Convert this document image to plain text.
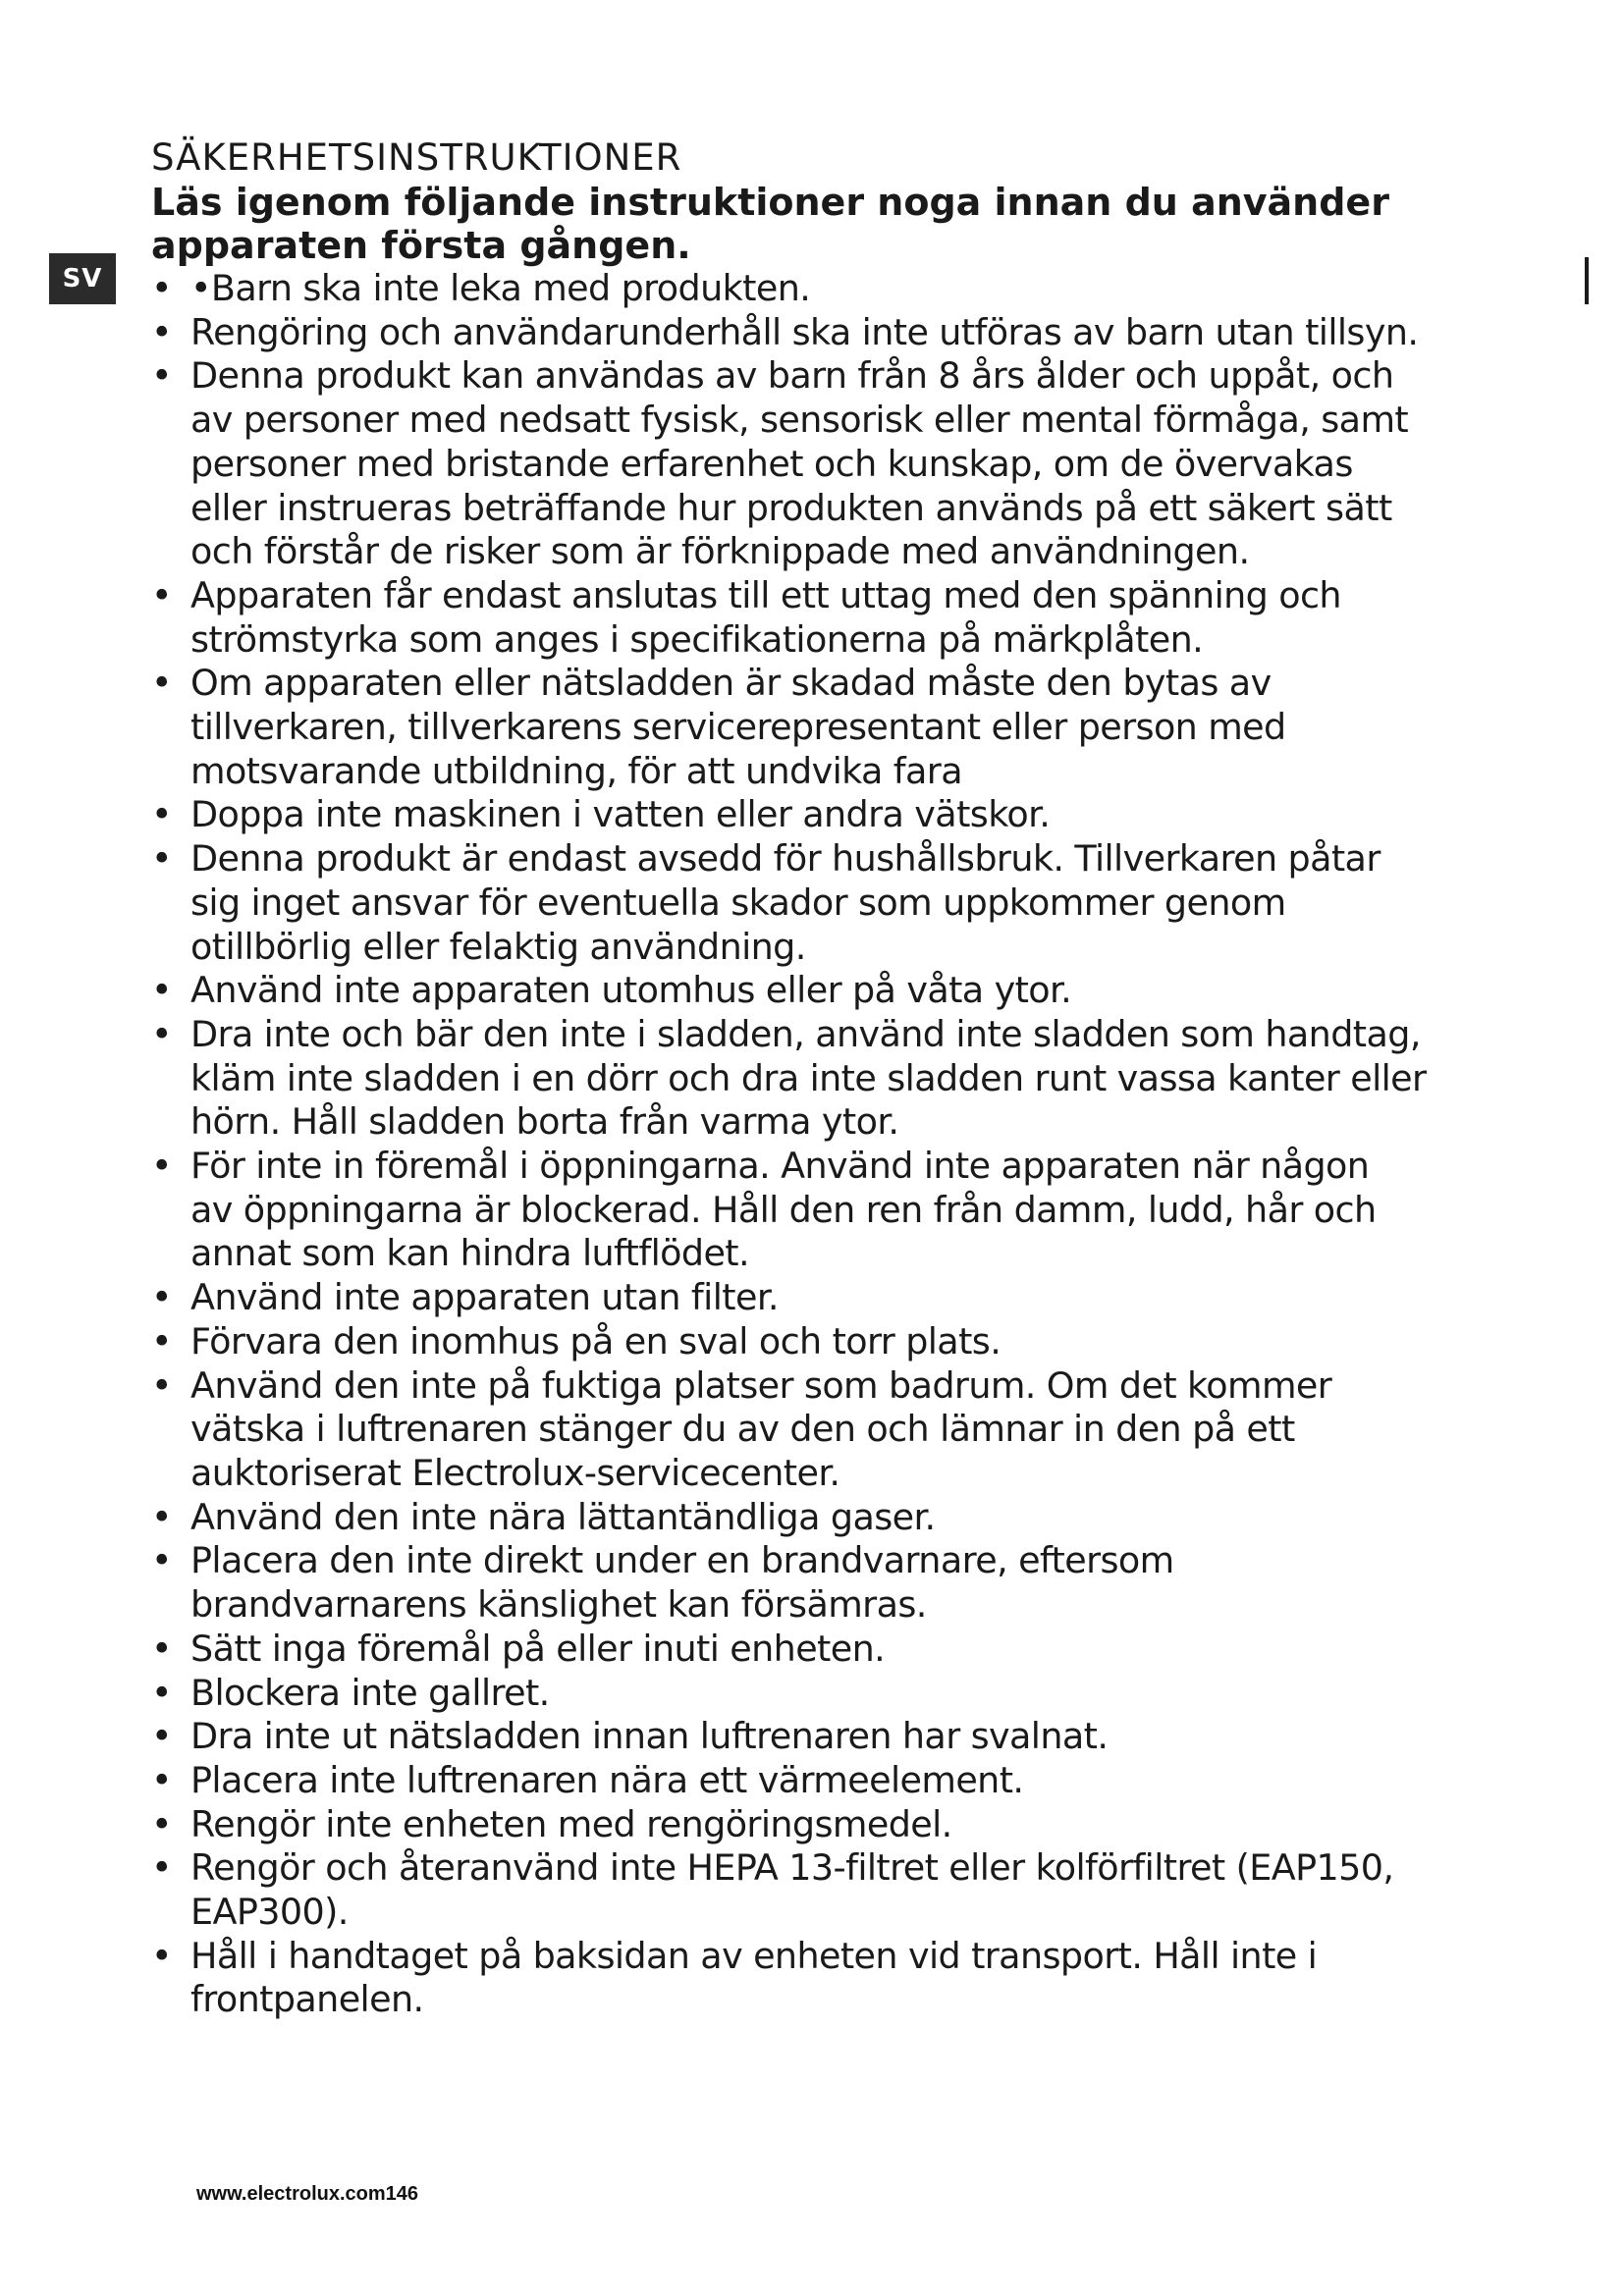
SV
SÄKERHETSINSTRUKTIONER

Läs igenom följande instruktioner noga innan du använder apparaten första gången.

• •Barn ska inte leka med produkten.
• Rengöring och användarunderhåll ska inte utföras av barn utan tillsyn.
• Denna produkt kan användas av barn från 8 års ålder och uppåt, och
av personer med nedsatt fysisk, sensorisk eller mental förmåga, samt
personer med bristande erfarenhet och kunskap, om de övervakas
eller instrueras beträffande hur produkten används på ett säkert sätt
och förstår de risker som är förknippade med användningen.
• Apparaten får endast anslutas till ett uttag med den spänning och
strömstyrka som anges i specifikationerna på märkplåten.
• Om apparaten eller nätsladden är skadad måste den bytas av
tillverkaren, tillverkarens servicerepresentant eller person med
motsvarande utbildning, för att undvika fara
• Doppa inte maskinen i vatten eller andra vätskor.
• Denna produkt är endast avsedd för hushållsbruk. Tillverkaren påtar
sig inget ansvar för eventuella skador som uppkommer genom
otillbörlig eller felaktig användning.
• Använd inte apparaten utomhus eller på våta ytor.
• Dra inte och bär den inte i sladden, använd inte sladden som handtag,
kläm inte sladden i en dörr och dra inte sladden runt vassa kanter eller
hörn. Håll sladden borta från varma ytor.
• För inte in föremål i öppningarna. Använd inte apparaten när någon
av öppningarna är blockerad. Håll den ren från damm, ludd, hår och
annat som kan hindra luftflödet.
• Använd inte apparaten utan filter.
• Förvara den inomhus på en sval och torr plats.
• Använd den inte på fuktiga platser som badrum. Om det kommer
vätska i luftrenaren stänger du av den och lämnar in den på ett
auktoriserat Electrolux-servicecenter.
• Använd den inte nära lättantändliga gaser.
• Placera den inte direkt under en brandvarnare, eftersom
brandvarnarens känslighet kan försämras.
• Sätt inga föremål på eller inuti enheten.
• Blockera inte gallret.
• Dra inte ut nätsladden innan luftrenaren har svalnat.
• Placera inte luftrenaren nära ett värmeelement.
• Rengör inte enheten med rengöringsmedel.
• Rengör och återanvänd inte HEPA 13-filtret eller kolförfiltret (EAP150,
EAP300).
• Håll i handtaget på baksidan av enheten vid transport. Håll inte i
frontpanelen.
www.electrolux.com146
